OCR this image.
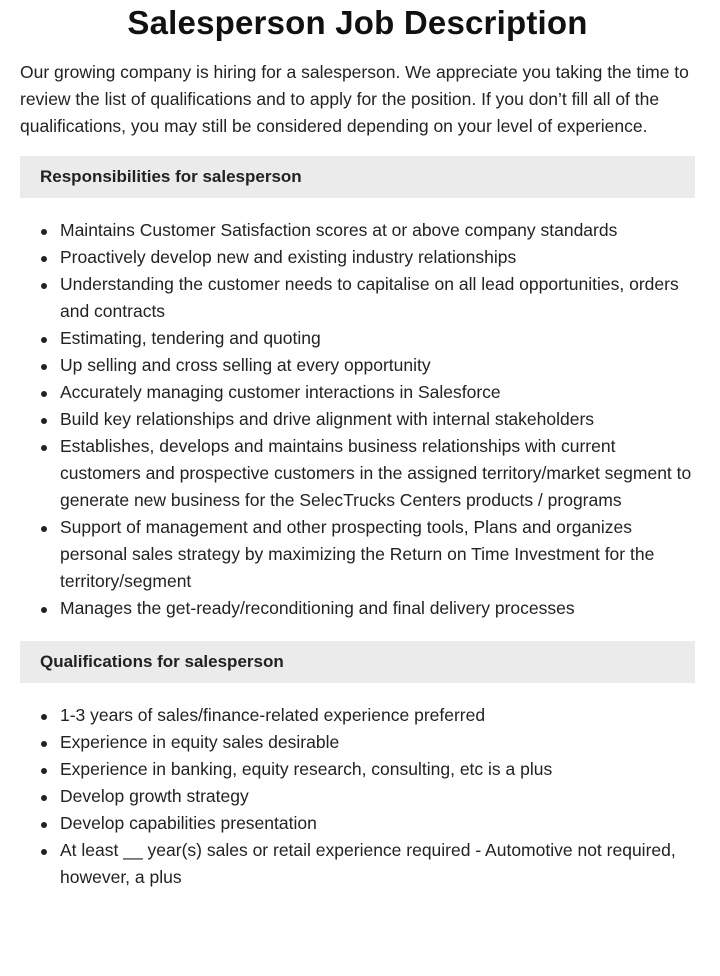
Salesperson Job Description

Our growing company is hiring for a salesperson. We appreciate you taking the time to review the list of qualifications and to apply for the position. If you don’t fill all of the qualifications, you may still be considered depending on your level of experience.

Responsibilities for salesperson
Maintains Customer Satisfaction scores at or above company standards
Proactively develop new and existing industry relationships
Understanding the customer needs to capitalise on all lead opportunities, orders and contracts
Estimating, tendering and quoting
Up selling and cross selling at every opportunity
Accurately managing customer interactions in Salesforce
Build key relationships and drive alignment with internal stakeholders
Establishes, develops and maintains business relationships with current customers and prospective customers in the assigned territory/market segment to generate new business for the SelecTrucks Centers products / programs
Support of management and other prospecting tools, Plans and organizes personal sales strategy by maximizing the Return on Time Investment for the territory/segment
Manages the get-ready/reconditioning and final delivery processes
Qualifications for salesperson
1-3 years of sales/finance-related experience preferred
Experience in equity sales desirable
Experience in banking, equity research, consulting, etc is a plus
Develop growth strategy
Develop capabilities presentation
At least __ year(s) sales or retail experience required - Automotive not required, however, a plus
